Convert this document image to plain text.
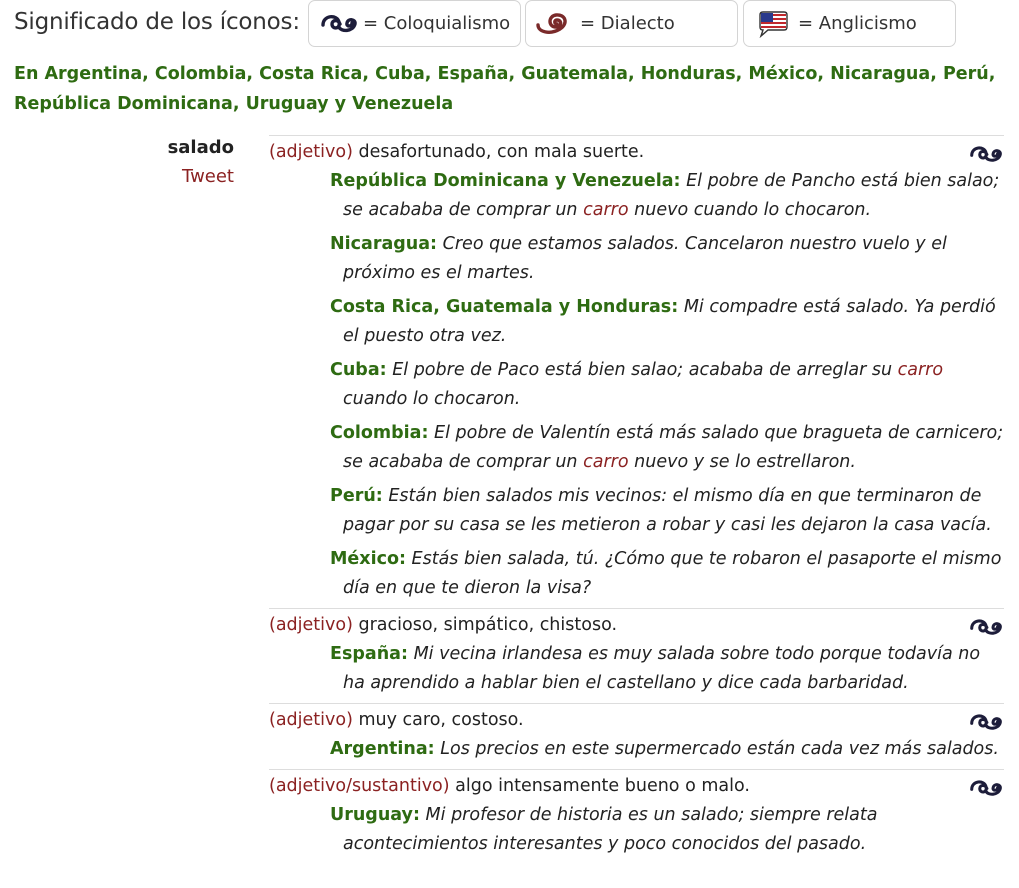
Significado de los íconos:	= Coloquialismo	= Dialecto	= Anglicismo
En Argentina, Colombia, Costa Rica, Cuba, España, Guatemala, Honduras, México, Nicaragua, Perú,
República Dominicana, Uruguay y Venezuela
salado
Tweet
(adjetivo) desafortunado, con mala suerte.
República Dominicana y Venezuela: El pobre de Pancho está bien salao; se acababa de comprar un carro nuevo cuando lo chocaron.
Nicaragua: Creo que estamos salados. Cancelaron nuestro vuelo y el próximo es el martes.
Costa Rica, Guatemala y Honduras: Mi compadre está salado. Ya perdió el puesto otra vez.
Cuba: El pobre de Paco está bien salao; acababa de arreglar su carro cuando lo chocaron.
Colombia: El pobre de Valentín está más salado que bragueta de carnicero; se acababa de comprar un carro nuevo y se lo estrellaron.
Perú: Están bien salados mis vecinos: el mismo día en que terminaron de pagar por su casa se les metieron a robar y casi les dejaron la casa vacía.
México: Estás bien salada, tú. ¿Cómo que te robaron el pasaporte el mismo día en que te dieron la visa?
(adjetivo) gracioso, simpático, chistoso.
España: Mi vecina irlandesa es muy salada sobre todo porque todavía no ha aprendido a hablar bien el castellano y dice cada barbaridad.
(adjetivo) muy caro, costoso.
Argentina: Los precios en este supermercado están cada vez más salados.
(adjetivo/sustantivo) algo intensamente bueno o malo.
Uruguay: Mi profesor de historia es un salado; siempre relata acontecimientos interesantes y poco conocidos del pasado.
